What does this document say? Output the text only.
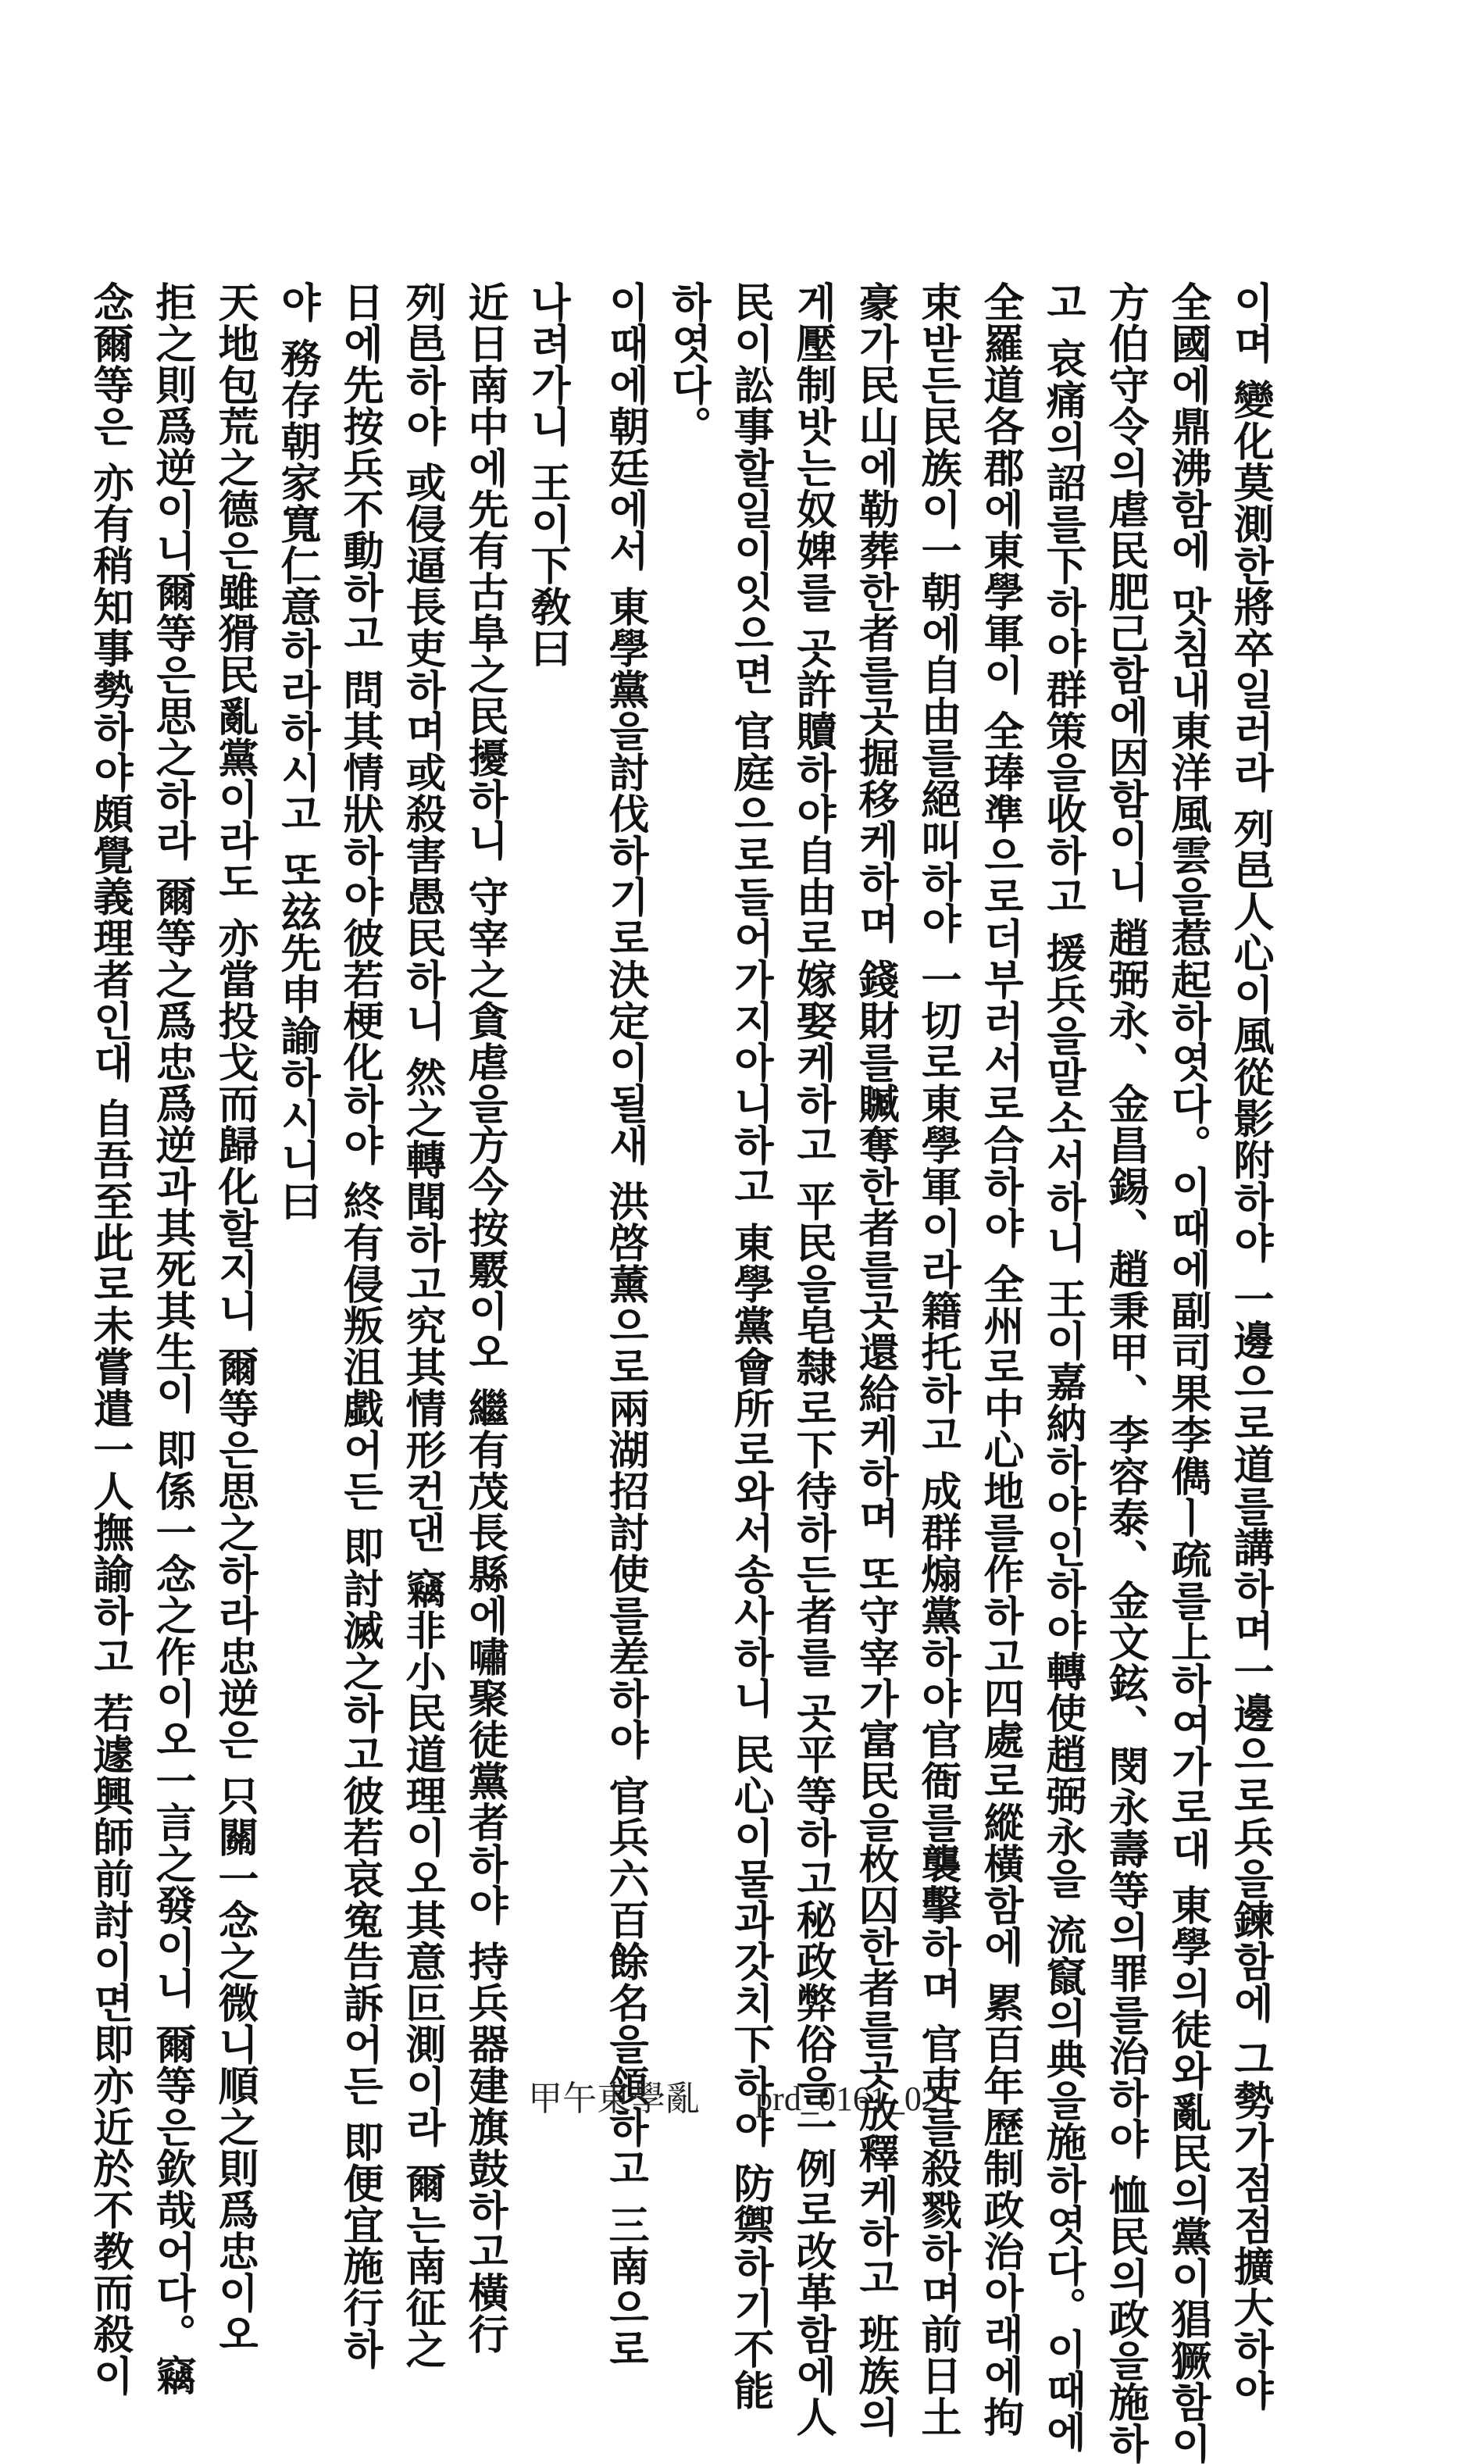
이며 變化莫測한將卒일러라 列邑人心이風從影附하야 一邊으로道를講하며一邊으로兵을鍊함에 그勢가점점擴大하야
全國에鼎沸함에 맛침내東洋風雲을惹起하엿다。이때에副司果李儁ㅣ疏를上하여가로대 東學의徒와亂民의黨이猖獗함이
方伯守令의虐民肥己함에因함이니 趙弼永、金昌錫、趙秉甲、李容泰、金文鉉、閔永壽等의罪를治하야 恤民의政을施하
고 哀痛의詔를下하야群策을收하고 援兵을말소서하니 王이嘉納하야인하야轉使趙弼永을 流竄의典을施하엿다。이때에
全羅道各郡에東學軍이 全琫準으로더부러서로合하야 全州로中心地를作하고四處로縱橫함에 累百年歷制政治아래에拘
束받든民族이一朝에自由를絕叫하야 一切로東學軍이라籍托하고 成群煽黨하야官衙를襲擊하며 官吏를殺戮하며前日土
豪가民山에勒葬한者를곳掘移케하며 錢財를贓奪한者를곳還給케하며 또守宰가富民을枚囚한者를곳放釋케하고 班族의
게壓制밧는奴婢를 곳許贖하야自由로嫁娶케하고 平民을皂隸로下待하든者를 곳平等하고秘政弊俗을一例로改革함에人
民이訟事할일이잇으면 官庭으로들어가지아니하고 東學黨會所로와서송사하니 民心이물과갓치下하야 防禦하기不能
하엿다。
이때에朝廷에서 東學黨을討伐하기로決定이될새 洪啓薰으로兩湖招討使를差하야 官兵六百餘名을領하고 三南으로
나려가니 王이下敎曰
近日南中에先有古阜之民擾하니 守宰之貪虐을方今按覈이오 繼有茂長縣에嘯聚徒黨者하야 持兵器建旗鼓하고橫行
列邑하야 或侵逼長吏하며或殺害愚民하니 然之轉聞하고究其情形컨댄 竊非小民道理이오其意叵測이라 爾는南征之
日에先按兵不動하고 問其情狀하야彼若梗化하야 終有侵叛沮戱어든 即討滅之하고彼若哀寃告訴어든 即便宜施行하
야 務存朝家寬仁意하라하시고 또玆先申諭하시니曰
天地包荒之德은雖猾民亂黨이라도 亦當投戈而歸化할지니 爾等은思之하라忠逆은 只關一念之微니順之則爲忠이오
拒之則爲逆이니爾等은思之하라 爾等之爲忠爲逆과其死其生이 即係一念之作이오一言之發이니 爾等은欽哉어다。竊
念爾等은 亦有稍知事勢하야頗覺義理者인대 自吾至此로未嘗遣一人撫諭하고 若遽興師前討이면即亦近於不教而殺이	甲午東學亂 prd_0161_021
